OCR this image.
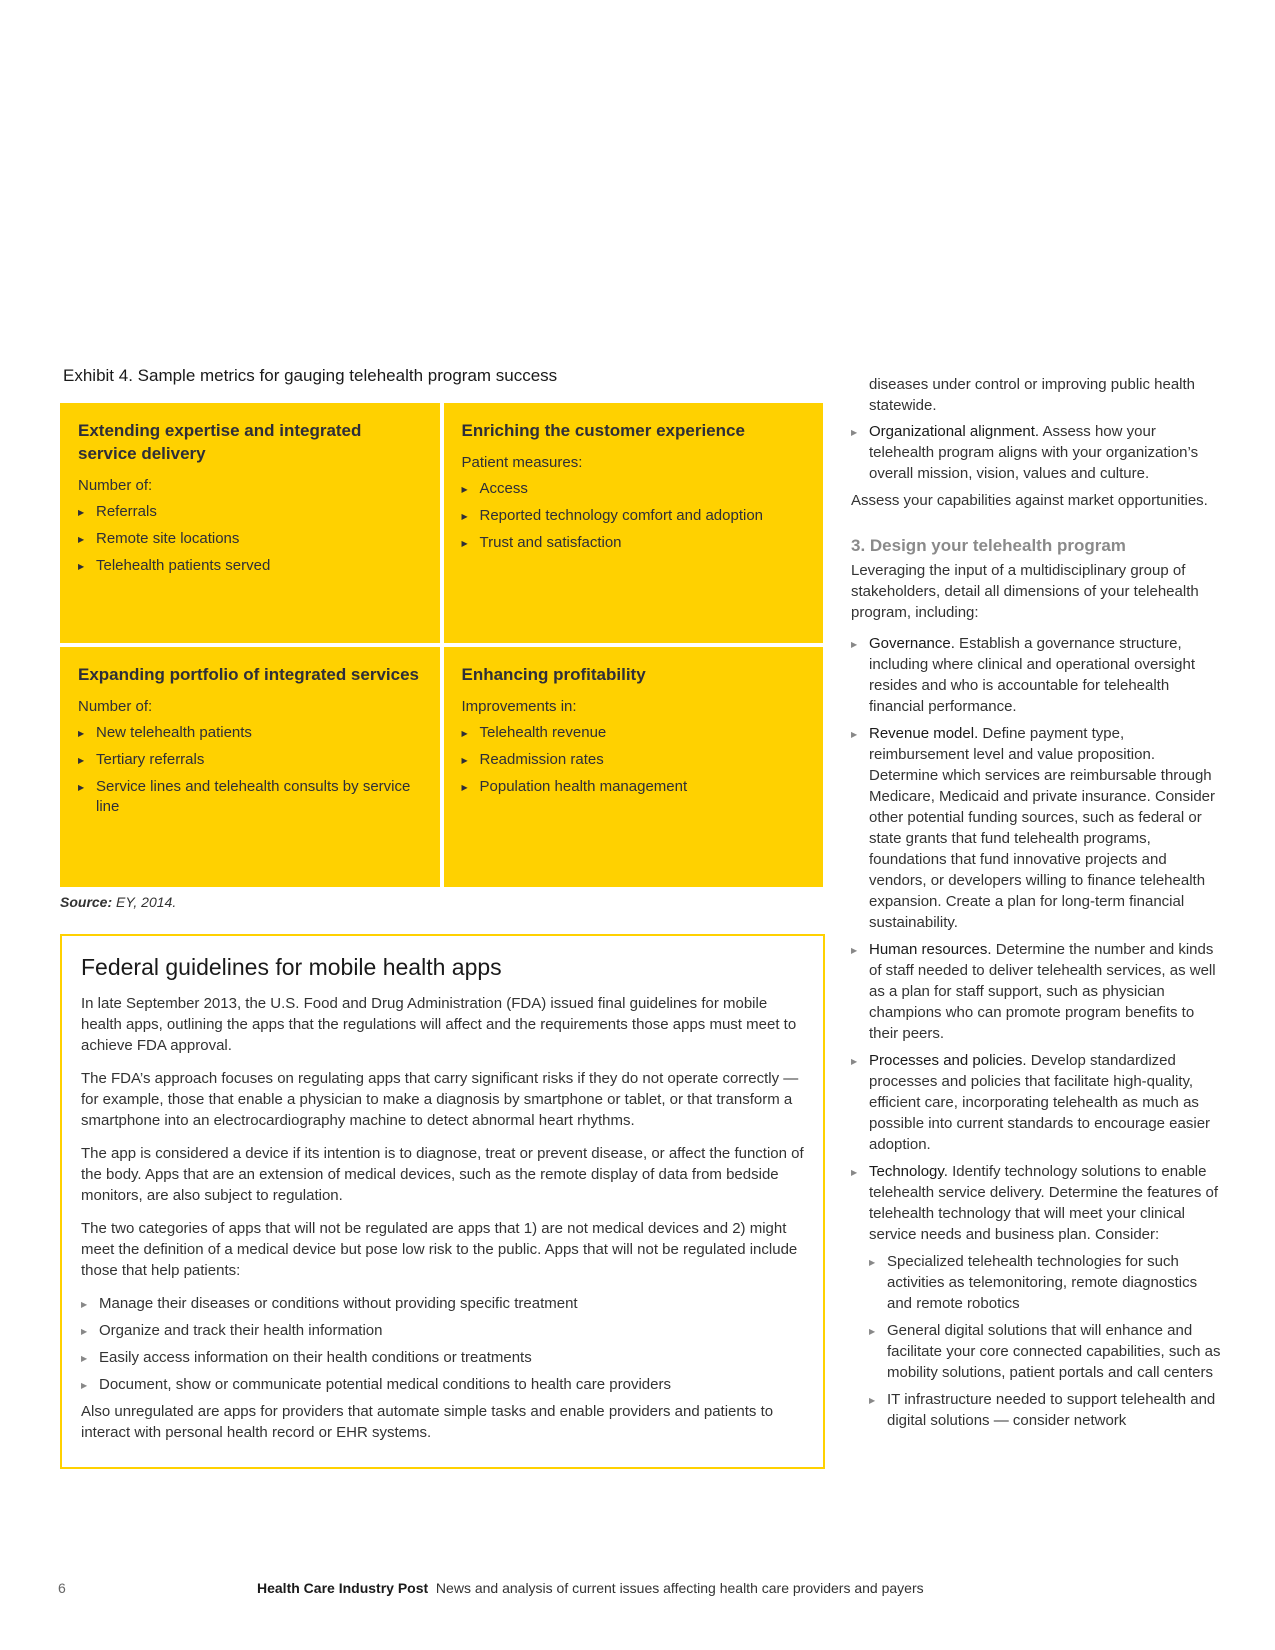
Exhibit 4. Sample metrics for gauging telehealth program success
Extending expertise and integrated service delivery
Number of:
▶ Referrals
▶ Remote site locations
▶ Telehealth patients served
Enriching the customer experience
Patient measures:
▶ Access
▶ Reported technology comfort and adoption
▶ Trust and satisfaction
Expanding portfolio of integrated services
Number of:
▶ New telehealth patients
▶ Tertiary referrals
▶ Service lines and telehealth consults by service line
Enhancing profitability
Improvements in:
▶ Telehealth revenue
▶ Readmission rates
▶ Population health management
Source: EY, 2014.
Federal guidelines for mobile health apps

In late September 2013, the U.S. Food and Drug Administration (FDA) issued final guidelines for mobile health apps, outlining the apps that the regulations will affect and the requirements those apps must meet to achieve FDA approval.

The FDA’s approach focuses on regulating apps that carry significant risks if they do not operate correctly — for example, those that enable a physician to make a diagnosis by smartphone or tablet, or that transform a smartphone into an electrocardiography machine to detect abnormal heart rhythms.

The app is considered a device if its intention is to diagnose, treat or prevent disease, or affect the function of the body. Apps that are an extension of medical devices, such as the remote display of data from bedside monitors, are also subject to regulation.

The two categories of apps that will not be regulated are apps that 1) are not medical devices and 2) might meet the definition of a medical device but pose low risk to the public. Apps that will not be regulated include those that help patients:

▶ Manage their diseases or conditions without providing specific treatment
▶ Organize and track their health information
▶ Easily access information on their health conditions or treatments
▶ Document, show or communicate potential medical conditions to health care providers

Also unregulated are apps for providers that automate simple tasks and enable providers and patients to interact with personal health record or EHR systems.

diseases under control or improving public health statewide.

▶ Organizational alignment. Assess how your telehealth program aligns with your organization’s overall mission, vision, values and culture.

Assess your capabilities against market opportunities.

3. Design your telehealth program

Leveraging the input of a multidisciplinary group of stakeholders, detail all dimensions of your telehealth program, including:

▶ Governance. Establish a governance structure, including where clinical and operational oversight resides and who is accountable for telehealth financial performance.
▶ Revenue model. Define payment type, reimbursement level and value proposition. Determine which services are reimbursable through Medicare, Medicaid and private insurance. Consider other potential funding sources, such as federal or state grants that fund telehealth programs, foundations that fund innovative projects and vendors, or developers willing to finance telehealth expansion. Create a plan for long-term financial sustainability.
▶ Human resources. Determine the number and kinds of staff needed to deliver telehealth services, as well as a plan for staff support, such as physician champions who can promote program benefits to their peers.
▶ Processes and policies. Develop standardized processes and policies that facilitate high-quality, efficient care, incorporating telehealth as much as possible into current standards to encourage easier adoption.
▶ Technology. Identify technology solutions to enable telehealth service delivery. Determine the features of telehealth technology that will meet your clinical service needs and business plan. Consider:
▶ Specialized telehealth technologies for such activities as telemonitoring, remote diagnostics and remote robotics
▶ General digital solutions that will enhance and facilitate your core connected capabilities, such as mobility solutions, patient portals and call centers
▶ IT infrastructure needed to support telehealth and digital solutions — consider network
6	Health Care Industry Post  News and analysis of current issues affecting health care providers and payers
